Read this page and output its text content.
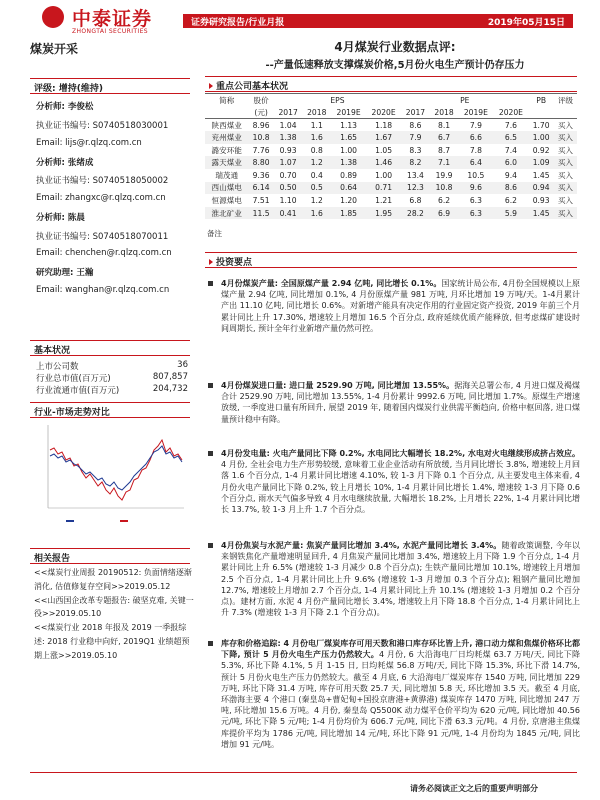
中泰证券
ZHONGTAI SECURITIES
证券研究报告/行业月报	2019年05月15日
煤炭开采	4月煤炭行业数据点评:
--产量低速释放支撑煤炭价格,5月份火电生产预计仍存压力
评级: 增持(维持)
分析师: 李俊松
执业证书编号: S0740518030001
Email: lijs@r.qlzq.com.cn
分析师: 张绪成
执业证书编号: S0740518050002
Email: zhangxc@r.qlzq.com.cn
分析师: 陈晨
执业证书编号: S0740518070011
Email: chenchen@r.qlzq.com.cn
研究助理: 王瀚
Email: wanghan@r.qlzq.com.cn
基本状况
上市公司数	36
行业总市值(百万元)	807,857
行业流通市值(百万元)	204,732
行业-市场走势对比
相关报告

<<煤炭行业周报 20190512: 负面情绪逐渐消化, 估值修复存空间>>2019.05.12

<<山西国企改革专题报告: 破坚克难, 关键一役>>2019.05.10

<<煤炭行业 2018 年报及 2019 一季报综述: 2018 行业稳中向好, 2019Q1 业绩超预期上涨>>2019.05.10

重点公司基本状况
简称	股价	EPS				PE				PB	评级
	(元)	2017	2018	2019E	2020E	2017	2018	2019E	2020E		
陕西煤业	8.96	1.04	1.1	1.13	1.18	8.6	8.1	7.9	7.6	1.70	买入
兖州煤业	10.8	1.38	1.6	1.65	1.67	7.9	6.7	6.6	6.5	1.00	买入
潞安环能	7.76	0.93	0.8	1.00	1.05	8.3	8.7	7.8	7.4	0.92	买入
露天煤业	8.80	1.07	1.2	1.38	1.46	8.2	7.1	6.4	6.0	1.09	买入
瑞茂通	9.36	0.70	0.4	0.89	1.00	13.4	19.9	10.5	9.4	1.45	买入
西山煤电	6.14	0.50	0.5	0.64	0.71	12.3	10.8	9.6	8.6	0.94	买入
恒源煤电	7.51	1.10	1.2	1.20	1.21	6.8	6.2	6.3	6.2	0.93	买入
淮北矿业	11.5	0.41	1.6	1.85	1.95	28.2	6.9	6.3	5.9	1.45	买入
备注
投资要点
4月份煤炭产量: 全国原煤产量 2.94 亿吨, 同比增长 0.1%。国家统计局公布, 4月份全国规模以上原煤产量 2.94 亿吨, 同比增加 0.1%, 4 月份原煤产量 981 万吨, 月环比增加 19 万吨/天。1-4月累计产出 11.10 亿吨, 同比增长 0.6%。对新增产能具有决定作用的行业固定资产投资, 2019 年前三个月累计同比上升 17.30%, 增速较上月增加 16.5 个百分点, 政府延续优质产能释放, 但考虑煤矿建设时间周期长, 预计全年行业新增产量仍然可控。
4月份煤炭进口量: 进口量 2529.90 万吨, 同比增加 13.55%。据海关总署公布, 4 月进口煤及褐煤合计 2529.90 万吨, 同比增加 13.55%, 1-4 月份累计 9992.6 万吨, 同比增加 1.7%。原煤生产增速放缓, 一季度进口量有所回升, 展望 2019 年, 随着国内煤炭行业供需平衡趋向, 价格中枢回落, 进口煤量预计稳中有降。
4月份发电量: 火电产量同比下降 0.2%, 水电同比大幅增长 18.2%, 水电对火电继续形成挤占效应。4 月份, 全社会电力生产形势较缓, 意味着工业企业活动有所放缓, 当月同比增长 3.8%, 增速较上月回落 1.6 个百分点, 1-4 月累计同比增速 4.10%, 较 1-3 月下降 0.1 个百分点, 从主要发电主体来看, 4 月份火电产量同比下降 0.2%, 较上月增长 10%, 1-4 月累计同比增长 1.4%, 增速较 1-3 月下降 0.6 个百分点, 雨水天气偏多导致 4 月水电继续放量, 大幅增长 18.2%, 上月增长 22%, 1-4 月累计同比增长 13.7%, 较 1-3 月上升 1.7 个百分点。
4月份焦炭与水泥产量: 焦炭产量同比增加 3.4%, 水泥产量同比增长 3.4%。随着政策调整, 今年以来钢铁焦化产量增速明显回升, 4 月焦炭产量同比增加 3.4%, 增速较上月下降 1.9 个百分点, 1-4 月累计同比上升 6.5% (增速较 1-3 月减少 0.8 个百分点); 生铁产量同比增加 10.1%, 增速较上月增加 2.5 个百分点, 1-4 月累计同比上升 9.6% (增速较 1-3 月增加 0.3 个百分点); 粗钢产量同比增加 12.7%, 增速较上月增加 2.7 个百分点, 1-4 月累计同比上升 10.1% (增速较 1-3 月增加 0.2 个百分点)。建材方面, 水泥 4 月份产量同比增长 3.4%, 增速较上月下降 18.8 个百分点, 1-4 月累计同比上升 7.3% (增速较 1-3 月下降 2.1 个百分点)。
库存和价格追踪: 4 月份电厂煤炭库存可用天数和港口库存环比皆上升, 港口动力煤和焦煤价格环比都下降, 预计 5 月份火电生产压力仍然较大。4 月份, 6 大沿海电厂日均耗煤 63.7 万吨/天, 同比下降 5.3%, 环比下降 4.1%, 5 月 1-15 日, 日均耗煤 56.8 万吨/天, 同比下降 15.3%, 环比下滑 14.7%, 预计 5 月份火电生产压力仍然较大。截至 4 月底, 6 大沿海电厂煤炭库存 1540 万吨, 同比增加 229 万吨, 环比下降 31.4 万吨, 库存可用天数 25.7 天, 同比增加 5.8 天, 环比增加 3.5 天。截至 4 月底, 环渤海主要 4 个港口 (秦皇岛+曹妃甸+国投京唐港+黄骅港) 煤炭库存 1470 万吨, 同比增加 247 万吨, 环比增加 15.6 万吨。4 月份, 秦皇岛 Q5500K 动力煤平仓价平均为 620 元/吨, 同比增加 40.56 元/吨, 环比下降 5 元/吨; 1-4 月份均价为 606.7 元/吨, 同比下滑 63.3 元/吨。4 月份, 京唐港主焦煤库提价平均为 1786 元/吨, 同比增加 14 元/吨, 环比下降 91 元/吨, 1-4 月份均为 1845 元/吨, 同比增加 91 元/吨。
请务必阅读正文之后的重要声明部分
